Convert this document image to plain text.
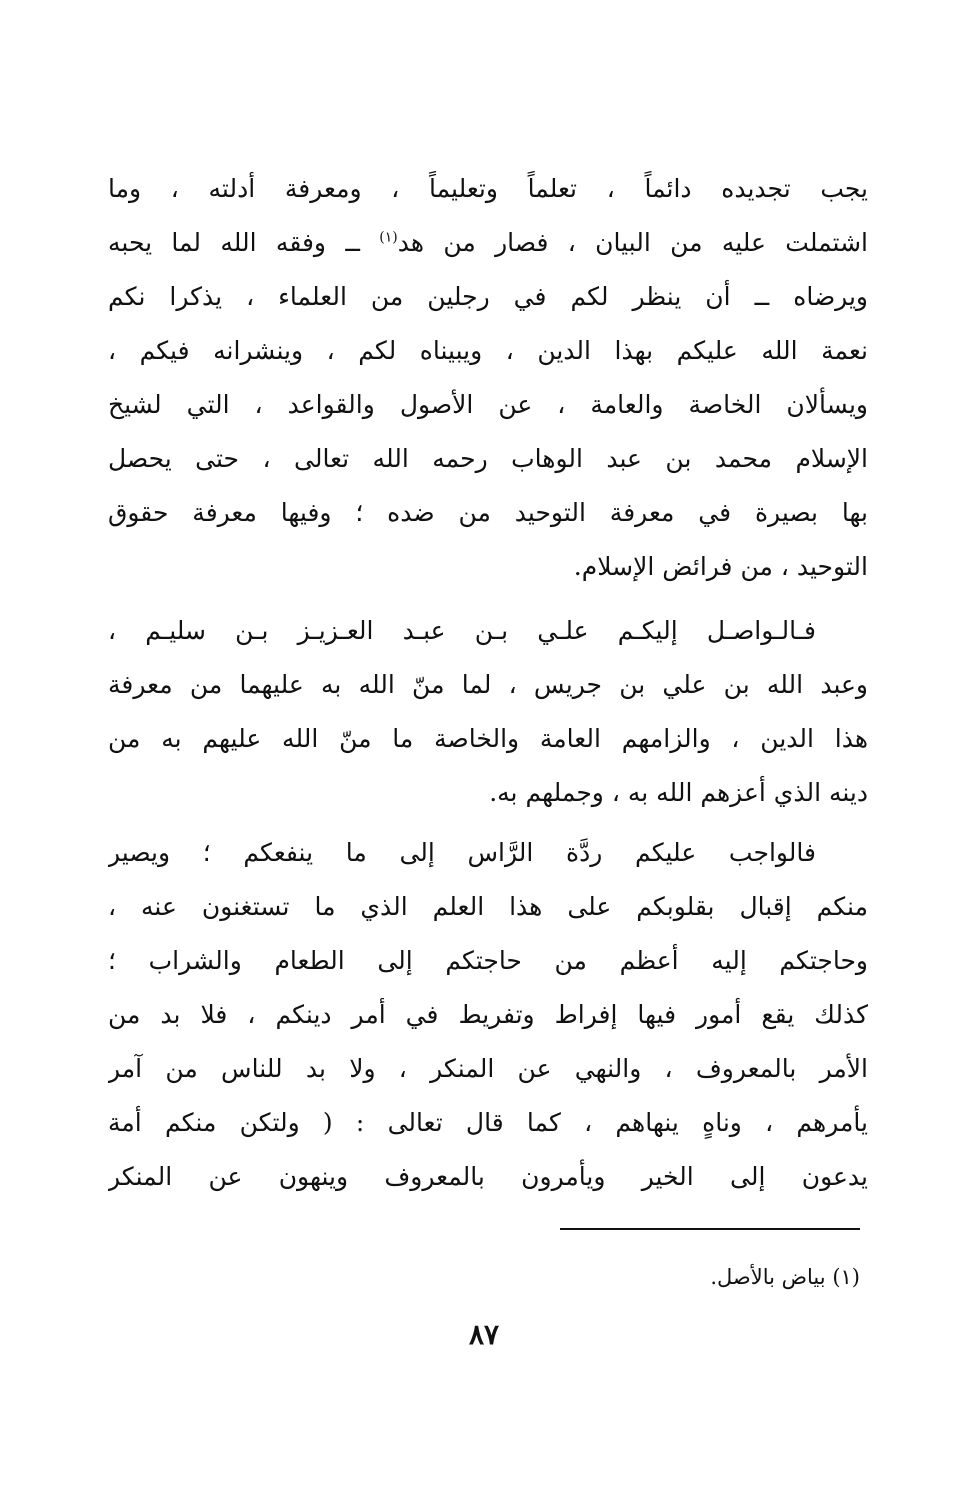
يجب تجديده دائماً ، تعلماً وتعليماً ، ومعرفة أدلته ، وما
اشتملت عليه من البيان ، فصار من هد$^{(١)}$ ــ وفقه الله لما يحبه
ويرضاه ــ أن ينظر لكم في رجلين من العلماء ، يذكرا نكم
نعمة الله عليكم بهذا الدين ، ويبيناه لكم ، وينشرانه فيكم ،
ويسألان الخاصة والعامة ، عن الأصول والقواعد ، التي لشيخ
الإسلام محمد بن عبد الوهاب رحمه الله تعالى ، حتى يحصل
بها بصيرة في معرفة التوحيد من ضده ؛ وفيها معرفة حقوق
التوحيد ، من فرائض الإسلام.
فـالـواصـل إليكـم علـي بـن عبـد العـزيـز بـن سليـم ،
وعبد الله بن علي بن جريس ، لما منّ الله به عليهما من معرفة
هذا الدين ، والزامهم العامة والخاصة ما منّ الله عليهم به من
دينه الذي أعزهم الله به ، وجملهم به.
فالواجب عليكم ردَّة الرَّاس إلى ما ينفعكم ؛ ويصير
منكم إقبال بقلوبكم على هذا العلم الذي ما تستغنون عنه ،
وحاجتكم إليه أعظم من حاجتكم إلى الطعام والشراب ؛
كذلك يقع أمور فيها إفراط وتفريط في أمر دينكم ، فلا بد من
الأمر بالمعروف ، والنهي عن المنكر ، ولا بد للناس من آمر
يأمرهم ، وناهٍ ينهاهم ، كما قال تعالى : ( ولتكن منكم أمة
يدعون إلى الخير ويأمرون بالمعروف وينهون عن المنكر
(١) بياض بالأصل.
٨٧
